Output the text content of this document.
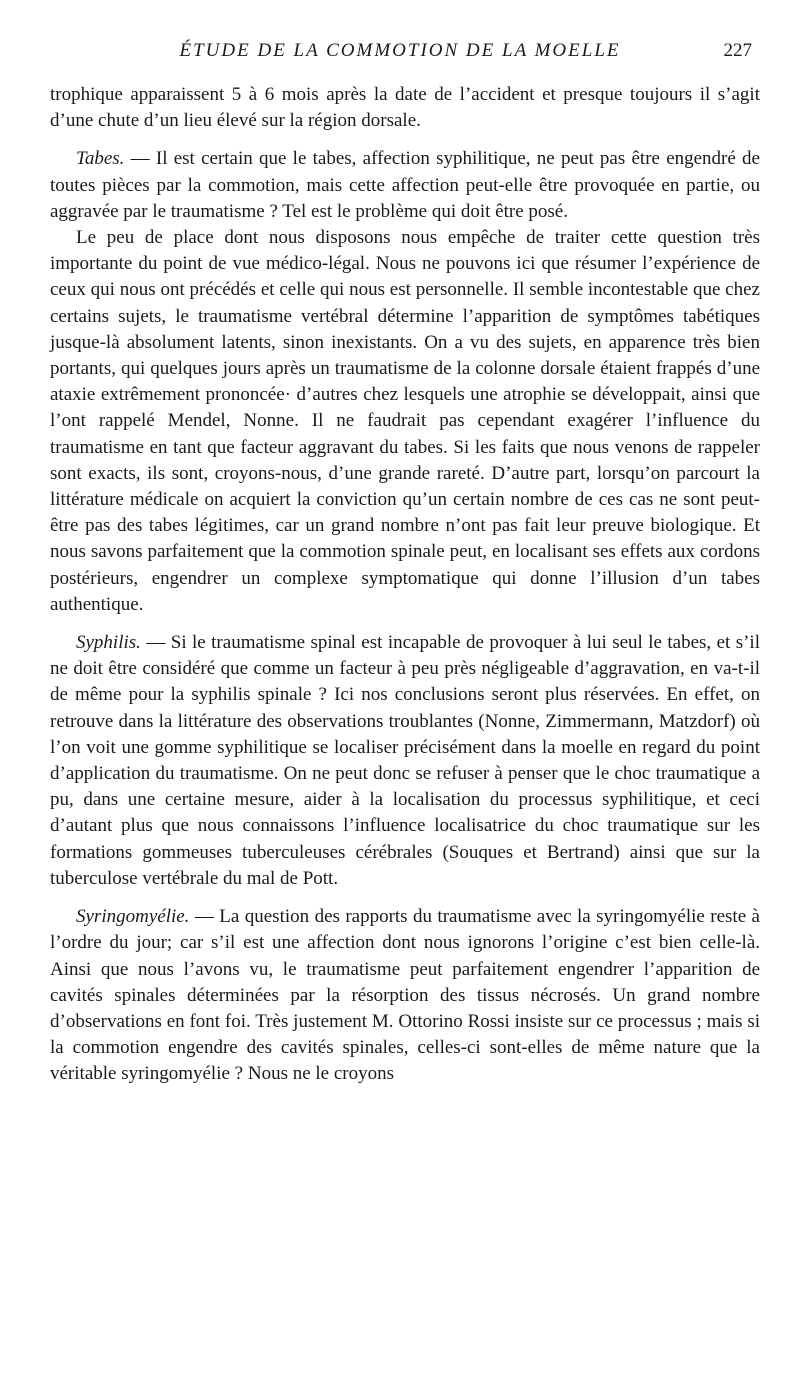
ÉTUDE DE LA COMMOTION DE LA MOELLE	227

trophique apparaissent 5 à 6 mois après la date de l’accident et presque toujours il s’agit d’une chute d’un lieu élevé sur la région dorsale.

Tabes. — Il est certain que le tabes, affection syphilitique, ne peut pas être engendré de toutes pièces par la commotion, mais cette affection peut-elle être provoquée en partie, ou aggravée par le traumatisme ? Tel est le problème qui doit être posé.

Le peu de place dont nous disposons nous empêche de traiter cette question très importante du point de vue médico-légal. Nous ne pouvons ici que résumer l’expérience de ceux qui nous ont précédés et celle qui nous est personnelle. Il semble incontestable que chez certains sujets, le traumatisme vertébral détermine l’apparition de symptômes tabétiques jusque-là absolument latents, sinon inexistants. On a vu des sujets, en apparence très bien portants, qui quelques jours après un traumatisme de la colonne dorsale étaient frappés d’une ataxie extrêmement prononcée· d’autres chez lesquels une atrophie se développait, ainsi que l’ont rappelé Mendel, Nonne. Il ne faudrait pas cependant exagérer l’influence du traumatisme en tant que facteur aggravant du tabes. Si les faits que nous venons de rappeler sont exacts, ils sont, croyons-nous, d’une grande rareté. D’autre part, lorsqu’on parcourt la littérature médicale on acquiert la conviction qu’un certain nombre de ces cas ne sont peut-être pas des tabes légitimes, car un grand nombre n’ont pas fait leur preuve biologique. Et nous savons parfaitement que la commotion spinale peut, en localisant ses effets aux cordons postérieurs, engendrer un complexe symptomatique qui donne l’illusion d’un tabes authentique.

Syphilis. — Si le traumatisme spinal est incapable de provoquer à lui seul le tabes, et s’il ne doit être considéré que comme un facteur à peu près négligeable d’aggravation, en va-t-il de même pour la syphilis spinale ? Ici nos conclusions seront plus réservées. En effet, on retrouve dans la littérature des observations troublantes (Nonne, Zimmermann, Matzdorf) où l’on voit une gomme syphilitique se localiser précisément dans la moelle en regard du point d’application du traumatisme. On ne peut donc se refuser à penser que le choc traumatique a pu, dans une certaine mesure, aider à la localisation du processus syphilitique, et ceci d’autant plus que nous connaissons l’influence localisatrice du choc traumatique sur les formations gommeuses tuberculeuses cérébrales (Souques et Bertrand) ainsi que sur la tuberculose vertébrale du mal de Pott.

Syringomyélie. — La question des rapports du traumatisme avec la syringomyélie reste à l’ordre du jour; car s’il est une affection dont nous ignorons l’origine c’est bien celle-là. Ainsi que nous l’avons vu, le traumatisme peut parfaitement engendrer l’apparition de cavités spinales déterminées par la résorption des tissus nécrosés. Un grand nombre d’observations en font foi. Très justement M. Ottorino Rossi insiste sur ce processus ; mais si la commotion engendre des cavités spinales, celles-ci sont-elles de même nature que la véritable syringomyélie ? Nous ne le croyons
